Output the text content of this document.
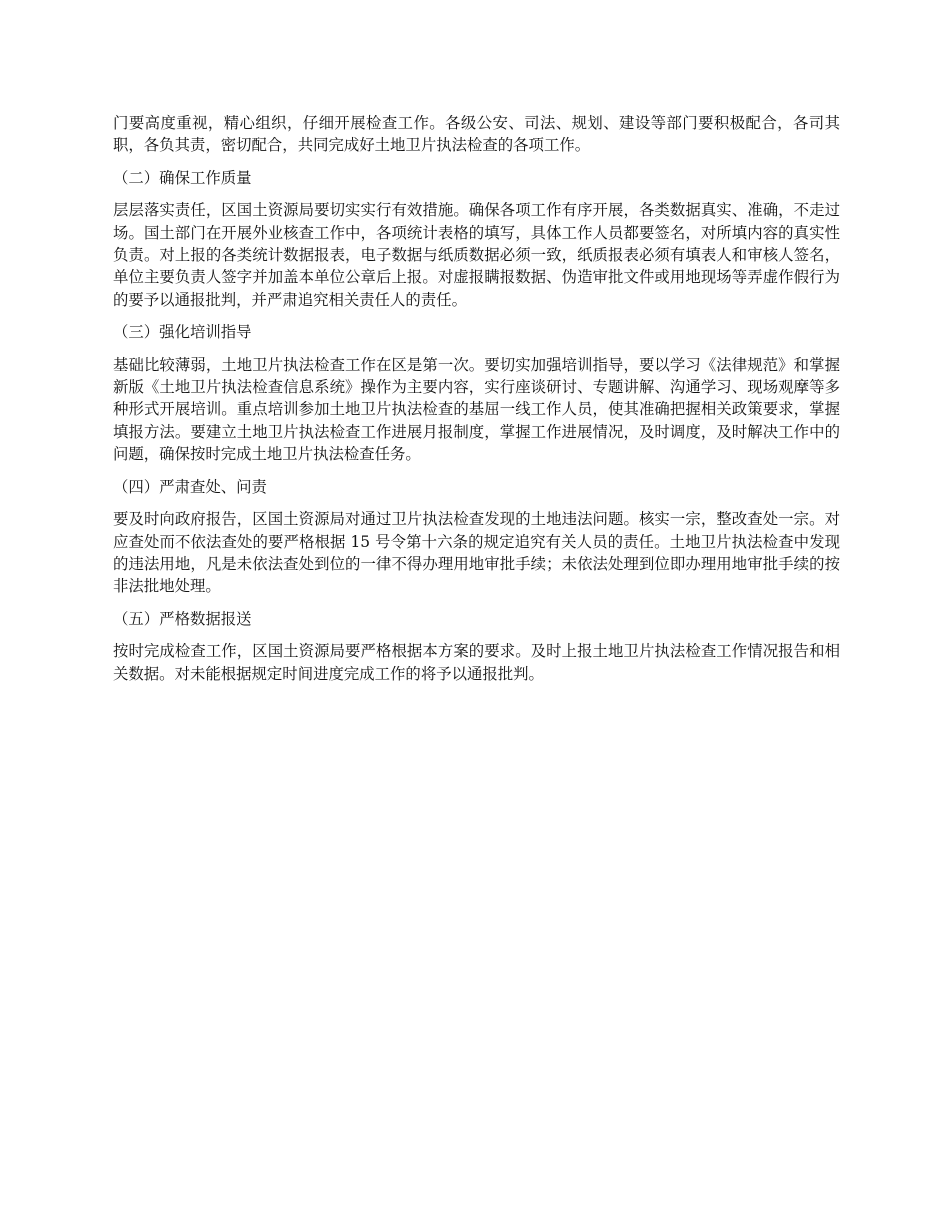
门要高度重视，精心组织，仔细开展检查工作。各级公安、司法、规划、建设等部门要积极配合，各司其职，各负其责，密切配合，共同完成好土地卫片执法检查的各项工作。

（二）确保工作质量

层层落实责任，区国土资源局要切实实行有效措施。确保各项工作有序开展，各类数据真实、准确，不走过场。国土部门在开展外业核查工作中，各项统计表格的填写，具体工作人员都要签名，对所填内容的真实性负责。对上报的各类统计数据报表，电子数据与纸质数据必须一致，纸质报表必须有填表人和审核人签名，单位主要负责人签字并加盖本单位公章后上报。对虚报瞒报数据、伪造审批文件或用地现场等弄虚作假行为的要予以通报批判，并严肃追究相关责任人的责任。

（三）强化培训指导

基础比较薄弱，土地卫片执法检查工作在区是第一次。要切实加强培训指导，要以学习《法律规范》和掌握新版《土地卫片执法检查信息系统》操作为主要内容，实行座谈研讨、专题讲解、沟通学习、现场观摩等多种形式开展培训。重点培训参加土地卫片执法检查的基屈一线工作人员，使其准确把握相关政策要求，掌握填报方法。要建立土地卫片执法检查工作进展月报制度，掌握工作进展情况，及时调度，及时解决工作中的问题，确保按时完成土地卫片执法检查任务。

（四）严肃查处、问责

要及时向政府报告，区国土资源局对通过卫片执法检查发现的土地违法问题。核实一宗，整改查处一宗。对应查处而不依法查处的要严格根据 15 号令第十六条的规定追究有关人员的责任。土地卫片执法检查中发现的违法用地，凡是未依法查处到位的一律不得办理用地审批手续；未依法处理到位即办理用地审批手续的按非法批地处理。

（五）严格数据报送

按时完成检查工作，区国土资源局要严格根据本方案的要求。及时上报土地卫片执法检查工作情况报告和相关数据。对未能根据规定时间进度完成工作的将予以通报批判。
